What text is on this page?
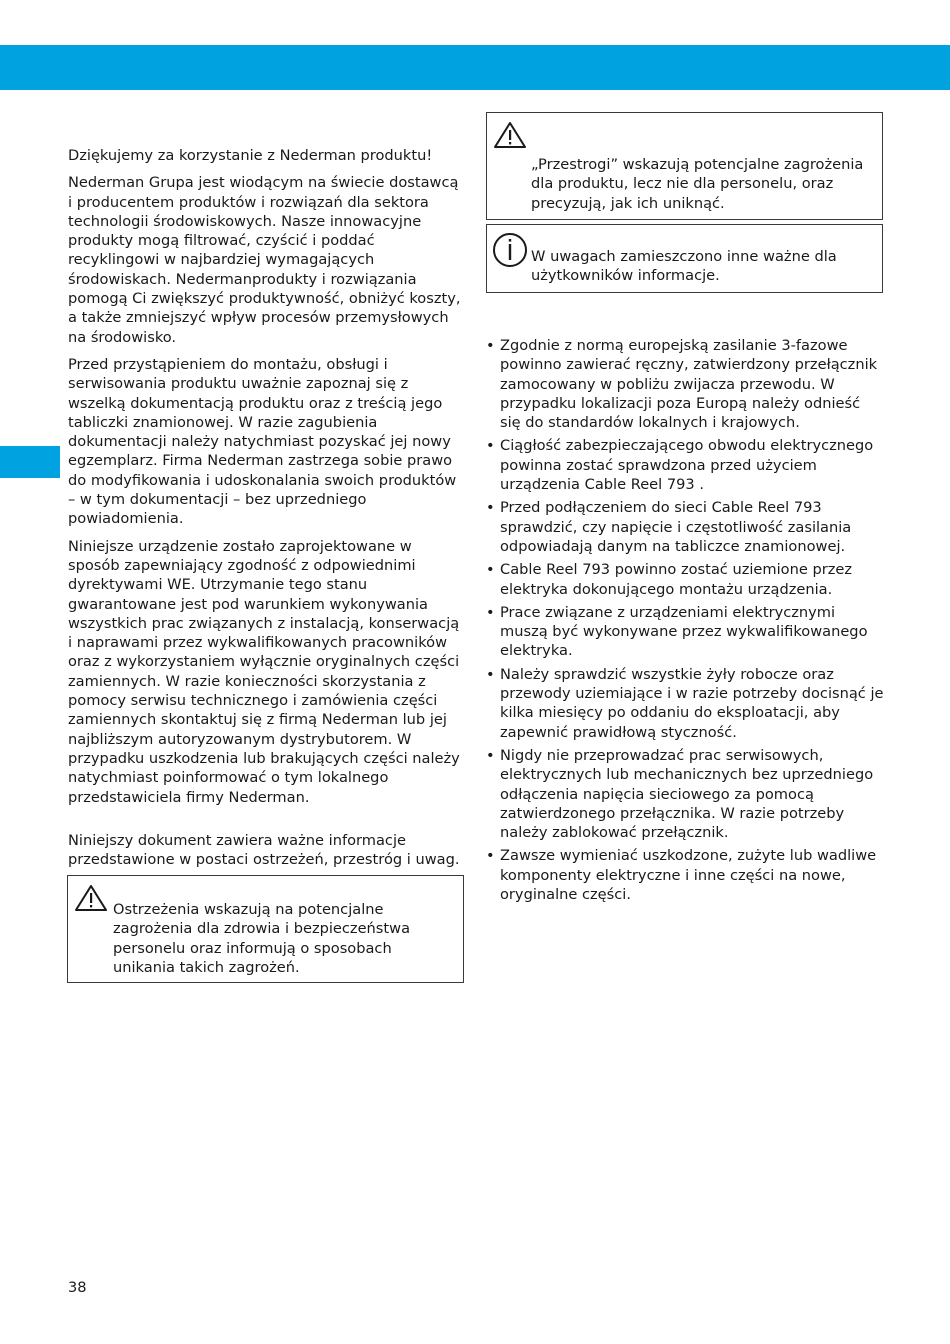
Dziękujemy za korzystanie z Nederman produktu!

Nederman Grupa jest wiodącym na świecie dostawcą i producentem produktów i rozwiązań dla sektora technologii środowiskowych. Nasze innowacyjne produkty mogą filtrować, czyścić i poddać recyklingowi w najbardziej wymagających środowiskach. Nedermanprodukty i rozwiązania pomogą Ci zwiększyć produktywność, obniżyć koszty, a także zmniejszyć wpływ procesów przemysłowych na środowisko.

Przed przystąpieniem do montażu, obsługi i serwisowania produktu uważnie zapoznaj się z wszelką dokumentacją produktu oraz z treścią jego tabliczki znamionowej. W razie zagubienia dokumentacji należy natychmiast pozyskać jej nowy egzemplarz. Firma Nederman zastrzega sobie prawo do modyfikowania i udoskonalania swoich produktów – w tym dokumentacji – bez uprzedniego powiadomienia.

Niniejsze urządzenie zostało zaprojektowane w sposób zapewniający zgodność z odpowiednimi dyrektywami WE. Utrzymanie tego stanu gwarantowane jest pod warunkiem wykonywania wszystkich prac związanych z instalacją, konserwacją i naprawami przez wykwalifikowanych pracowników oraz z wykorzystaniem wyłącznie oryginalnych części zamiennych. W razie konieczności skorzystania z pomocy serwisu technicznego i zamówienia części zamiennych skontaktuj się z firmą Nederman lub jej najbliższym autoryzowanym dystrybutorem. W przypadku uszkodzenia lub brakujących części należy natychmiast poinformować o tym lokalnego przedstawiciela firmy Nederman.

Niniejszy dokument zawiera ważne informacje przedstawione w postaci ostrzeżeń, przestróg i uwag.

Ostrzeżenia wskazują na potencjalne zagrożenia dla zdrowia i bezpieczeństwa personelu oraz informują o sposobach unikania takich zagrożeń.
„Przestrogi” wskazują potencjalne zagrożenia dla produktu, lecz nie dla personelu, oraz precyzują, jak ich uniknąć.
W uwagach zamieszczono inne ważne dla użytkowników informacje.
• Zgodnie z normą europejską zasilanie 3-fazowe powinno zawierać ręczny, zatwierdzony przełącznik zamocowany w pobliżu zwijacza przewodu. W przypadku lokalizacji poza Europą należy odnieść się do standardów lokalnych i krajowych.
• Ciągłość zabezpieczającego obwodu elektrycznego powinna zostać sprawdzona przed użyciem urządzenia Cable Reel 793 .
• Przed podłączeniem do sieci Cable Reel 793 sprawdzić, czy napięcie i częstotliwość zasilania odpowiadają danym na tabliczce znamionowej.
• Cable Reel 793 powinno zostać uziemione przez elektryka dokonującego montażu urządzenia.
• Prace związane z urządzeniami elektrycznymi muszą być wykonywane przez wykwalifikowanego elektryka.
• Należy sprawdzić wszystkie żyły robocze oraz przewody uziemiające i w razie potrzeby docisnąć je kilka miesięcy po oddaniu do eksploatacji, aby zapewnić prawidłową styczność.
• Nigdy nie przeprowadzać prac serwisowych, elektrycznych lub mechanicznych bez uprzedniego odłączenia napięcia sieciowego za pomocą zatwierdzonego przełącznika. W razie potrzeby należy zablokować przełącznik.
• Zawsze wymieniać uszkodzone, zużyte lub wadliwe komponenty elektryczne i inne części na nowe, oryginalne części.
38
